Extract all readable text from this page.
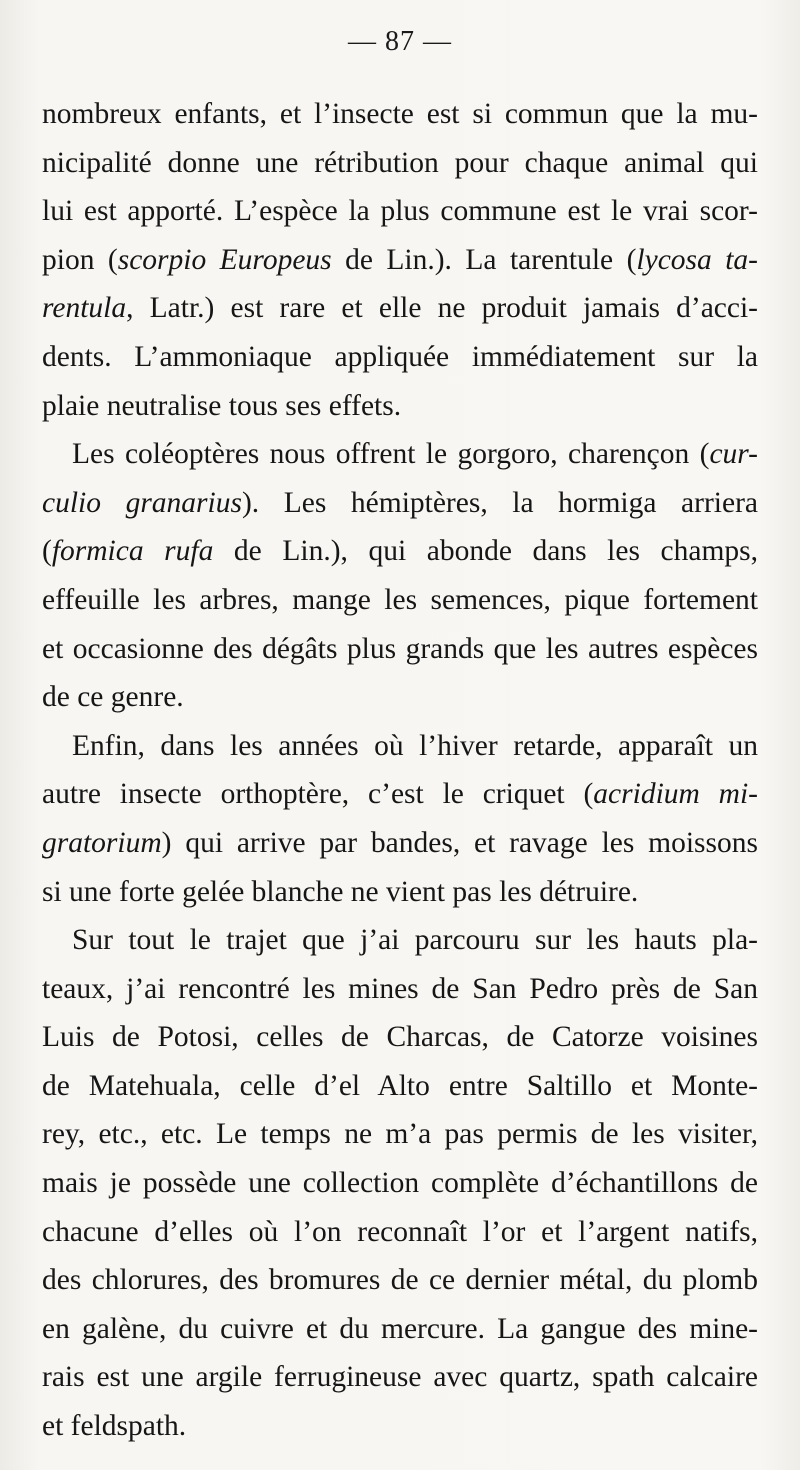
— 87 —
nombreux enfants, et l’insecte est si commun que la mu-
nicipalité donne une rétribution pour chaque animal qui
lui est apporté. L’espèce la plus commune est le vrai scor-
pion (scorpio Europeus de Lin.). La tarentule (lycosa ta-
rentula, Latr.) est rare et elle ne produit jamais d’acci-
dents. L’ammoniaque appliquée immédiatement sur la
plaie neutralise tous ses effets.
Les coléoptères nous offrent le gorgoro, charençon (cur-
culio granarius). Les hémiptères, la hormiga arriera
(formica rufa de Lin.), qui abonde dans les champs,
effeuille les arbres, mange les semences, pique fortement
et occasionne des dégâts plus grands que les autres espèces
de ce genre.
Enfin, dans les années où l’hiver retarde, apparaît un
autre insecte orthoptère, c’est le criquet (acridium mi-
gratorium) qui arrive par bandes, et ravage les moissons
si une forte gelée blanche ne vient pas les détruire.
Sur tout le trajet que j’ai parcouru sur les hauts pla-
teaux, j’ai rencontré les mines de San Pedro près de San
Luis de Potosi, celles de Charcas, de Catorze voisines
de Matehuala, celle d’el Alto entre Saltillo et Monte-
rey, etc., etc. Le temps ne m’a pas permis de les visiter,
mais je possède une collection complète d’échantillons de
chacune d’elles où l’on reconnaît l’or et l’argent natifs,
des chlorures, des bromures de ce dernier métal, du plomb
en galène, du cuivre et du mercure. La gangue des mine-
rais est une argile ferrugineuse avec quartz, spath calcaire
et feldspath.
